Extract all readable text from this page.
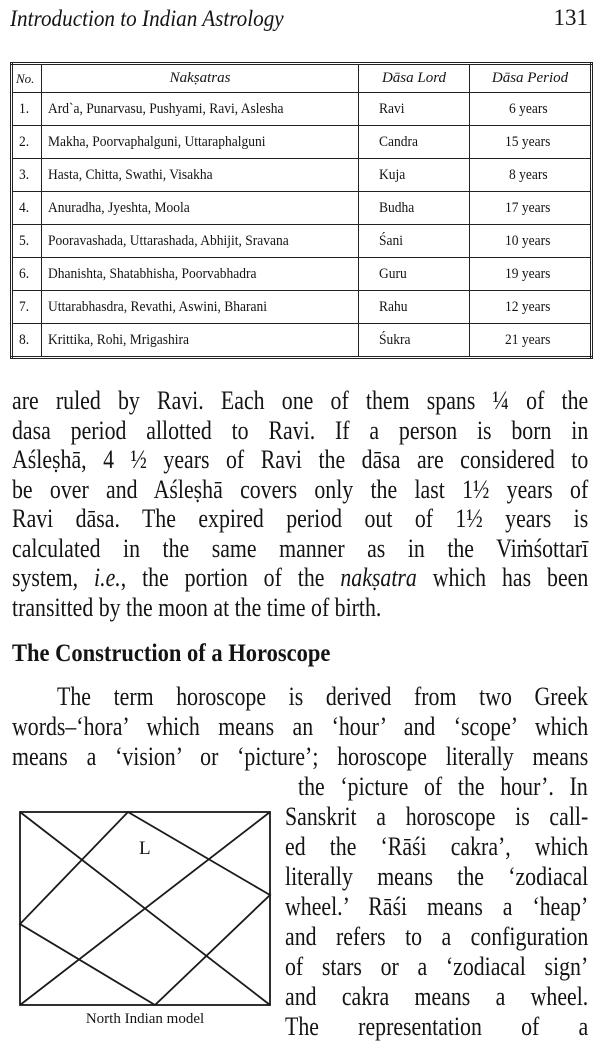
Introduction to Indian Astrology	131
No.	Nakṣatras	Dāsa Lord	Dāsa Period
1.	Ard`a, Punarvasu, Pushyami, Ravi, Aslesha	Ravi	6 years
2.	Makha, Poorvaphalguni, Uttaraphalguni	Candra	15 years
3.	Hasta, Chitta, Swathi, Visakha	Kuja	8 years
4.	Anuradha, Jyeshta, Moola	Budha	17 years
5.	Pooravashada, Uttarashada, Abhijit, Sravana	Śani	10 years
6.	Dhanishta, Shatabhisha, Poorvabhadra	Guru	19 years
7.	Uttarabhasdra, Revathi, Aswini, Bharani	Rahu	12 years
8.	Krittika, Rohi, Mrigashira	Śukra	21 years
are ruled by Ravi. Each one of them spans ¼ of the
dasa period allotted to Ravi. If a person is born in
Aśleṣhā, 4 ½ years of Ravi the dāsa are considered to
be over and Aśleṣhā covers only the last 1½ years of
Ravi dāsa. The expired period out of 1½ years is
calculated in the same manner as in the Viṁśottarī
system, i.e., the portion of the nakṣatra which has been
transitted by the moon at the time of birth.
The Construction of a Horoscope
The term horoscope is derived from two Greek
words–‘hora’ which means an ‘hour’ and ‘scope’ which
means a ‘vision’ or ‘picture’; horoscope literally means
the ‘picture of the hour’. In
Sanskrit a horoscope is call-
ed the ‘Rāśi cakra’, which
literally means the ‘zodiacal
wheel.’ Rāśi means a ‘heap’
and refers to a configuration
of stars or a ‘zodiacal sign’
and cakra means a wheel.
The representation of a
L
North Indian model
